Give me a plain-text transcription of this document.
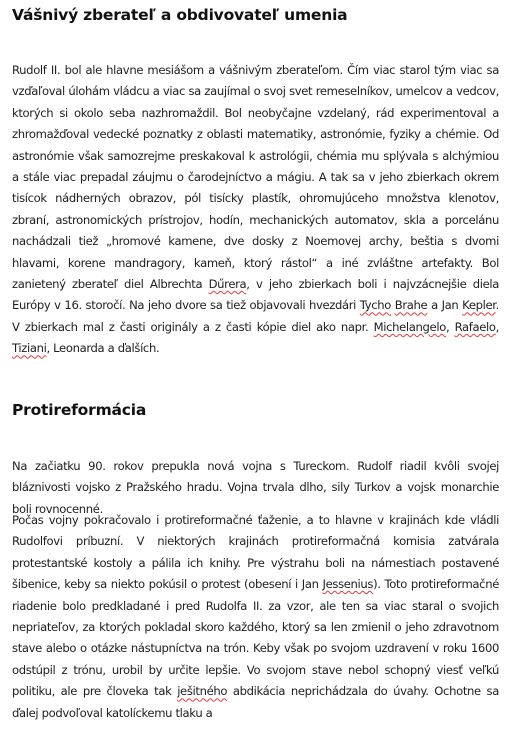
Vášnivý zberateľ a obdivovateľ umenia

Rudolf II. bol ale hlavne mesiášom a vášnivým zberateľom. Čím viac starol tým viac sa vzďaľoval úlohám vládcu a viac sa zaujímal o svoj svet remeselníkov, umelcov a vedcov, ktorých si okolo seba nazhromaždil. Bol neobyčajne vzdelaný, rád experimentoval a zhromažďoval vedecké poznatky z oblasti matematiky, astronómie, fyziky a chémie. Od astronómie však samozrejme preskakoval k astrológii, chémia mu splývala s alchýmiou a stále viac prepadal záujmu o čarodejníctvo a mágiu. A tak sa v jeho zbierkach okrem tisícok nádherných obrazov, pól tisícky plastík, ohromujúceho množstva klenotov, zbraní, astronomických prístrojov, hodín, mechanických automatov, skla a porcelánu nachádzali tiež „hromové kamene, dve dosky z Noemovej archy, beštia s dvomi hlavami, korene mandragory, kameň, ktorý rástol“ a iné zvláštne artefakty. Bol zanietený zberateľ diel Albrechta Dűrera, v jeho zbierkach boli i najvzácnejšie diela Európy v 16. storočí. Na jeho dvore sa tiež objavovali hvezdári Tycho Brahe a Jan Kepler. V zbierkach mal z časti originály a z časti kópie diel ako napr. Michelangelo, Rafaelo, Tiziani, Leonarda a ďalších.

Protireformácia

Na začiatku 90. rokov prepukla nová vojna s Tureckom. Rudolf riadil kvôli svojej bláznivosti vojsko z Pražského hradu. Vojna trvala dlho, sily Turkov a vojsk monarchie boli rovnocenné.

Počas vojny pokračovalo i protireformačné ťaženie, a to hlavne v krajinách kde vládli Rudolfovi príbuzní. V niektorých krajinách protireformačná komisia zatvárala protestantské kostoly a pálila ich knihy. Pre výstrahu boli na námestiach postavené šibenice, keby sa niekto pokúsil o protest (obesení i Jan Jessenius). Toto protireformačné riadenie bolo predkladané i pred Rudolfa II. za vzor, ale ten sa viac staral o svojich nepriateľov, za ktorých pokladal skoro každého, ktorý sa len zmienil o jeho zdravotnom stave alebo o otázke nástupníctva na trón. Keby však po svojom uzdravení v roku 1600 odstúpil z trónu, urobil by určite lepšie. Vo svojom stave nebol schopný viesť veľkú politiku, ale pre človeka tak ješitného abdikácia neprichádzala do úvahy. Ochotne sa ďalej podvoľoval katolíckemu tlaku a
